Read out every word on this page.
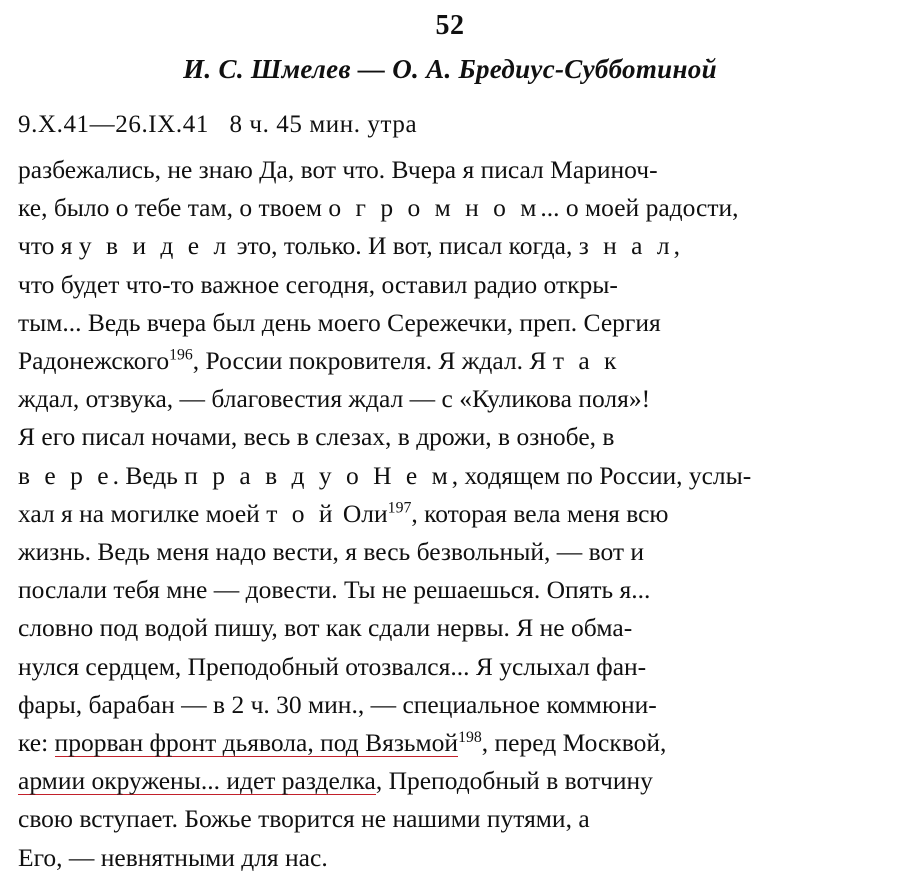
52
И. С. Шмелев — О. А. Бредиус-Субботиной
9.X.41—26.IX.41   8 ч. 45 мин. утра

разбежались, не знаю Да, вот что. Вчера я писал Мариноч-

ке, было о тебе там, о твоем о г р о м н о м... о моей радости,

что я у в и д е л это, только. И вот, писал когда, з н а л,

что будет что-то важное сегодня, оставил радио откры-

тым... Ведь вчера был день моего Сережечки, преп. Сергия

Радонежского$^{196}$, России покровителя. Я ждал. Я т а к

ждал, отзвука, — благовестия ждал — с «Куликова поля»!

Я его писал ночами, весь в слезах, в дрожи, в ознобе, в

в е р е. Ведь п р а в д у о Н е м, ходящем по России, услы-

хал я на могилке моей т о й Оли$^{197}$, которая вела меня всю

жизнь. Ведь меня надо вести, я весь безвольный, — вот и

послали тебя мне — довести. Ты не решаешься. Опять я...

словно под водой пишу, вот как сдали нервы. Я не обма-

нулся сердцем, Преподобный отозвался... Я услыхал фан-

фары, барабан — в 2 ч. 30 мин., — специальное коммюни-

ке: прорван фронт дьявола, под Вязьмой$^{198}$, перед Москвой,

армии окружены... идет разделка, Преподобный в вотчину

свою вступает. Божье творится не нашими путями, а

Его, — невнятными для нас.
